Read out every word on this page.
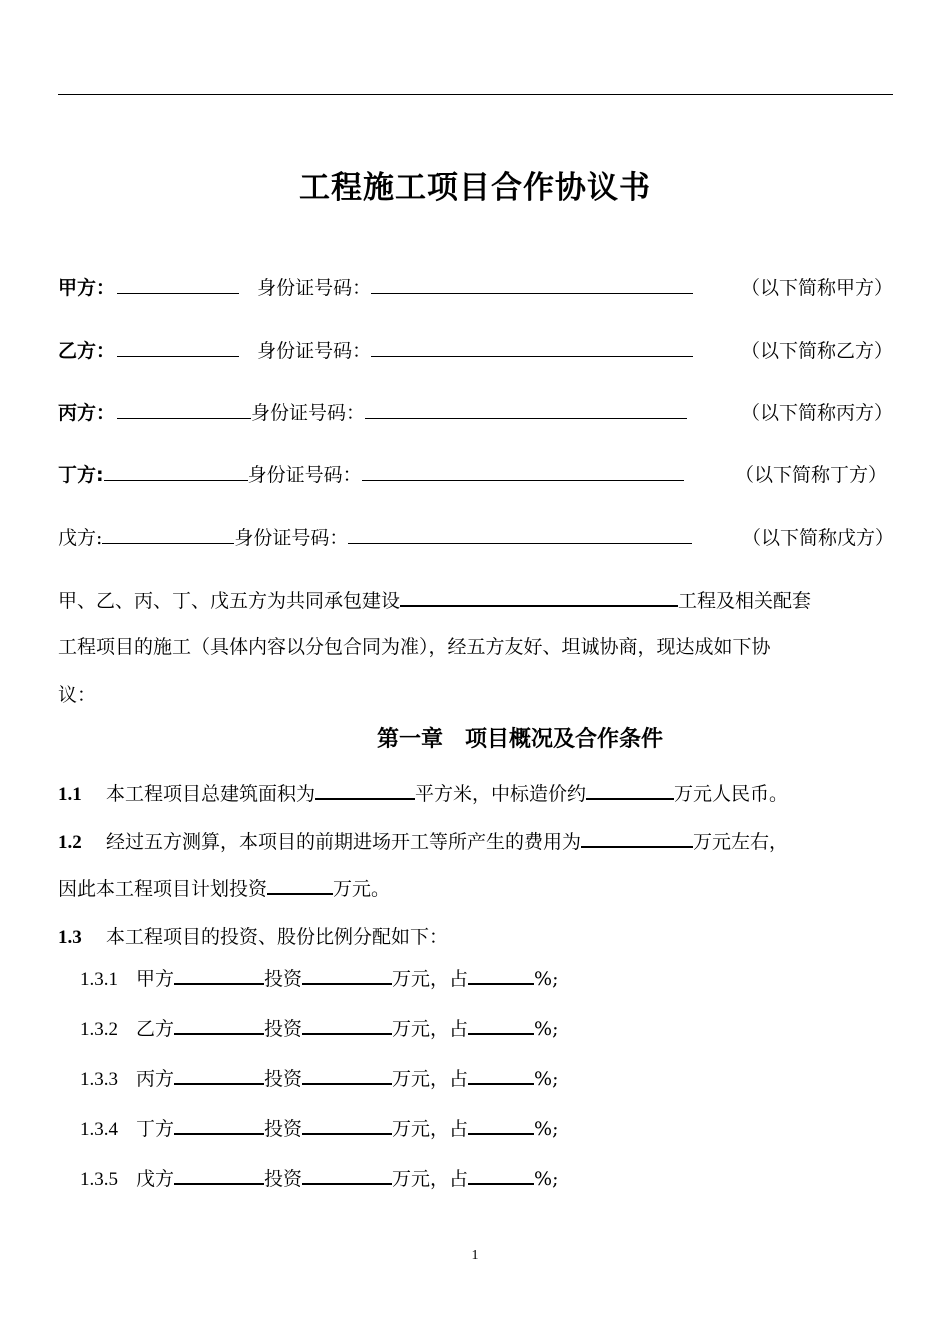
工程施工项目合作协议书
甲方：	身份证号码：	（以下简称甲方）
乙方：	身份证号码：	（以下简称乙方）
丙方：	身份证号码：	（以下简称丙方）
丁方:	身份证号码：	（以下简称丁方）
戊方:	身份证号码：	（以下简称戊方）
甲、乙、丙、丁、戊五方为共同承包建设	工程及相关配套
工程项目的施工（具体内容以分包合同为准），经五方友好、坦诚协商，现达成如下协
议：
第一章　项目概况及合作条件
1.1 本工程项目总建筑面积为	平方米，中标造价约	万元人民币。
1.2 经过五方测算，本项目的前期进场开工等所产生的费用为	万元左右，
因此本工程项目计划投资	万元。
1.3 本工程项目的投资、股份比例分配如下：
1.3.1 甲方	投资	万元，占	%;
1.3.2 乙方	投资	万元，占	%;
1.3.3 丙方	投资	万元，占	%;
1.3.4 丁方	投资	万元，占	%;
1.3.5 戊方	投资	万元，占	%;
1
